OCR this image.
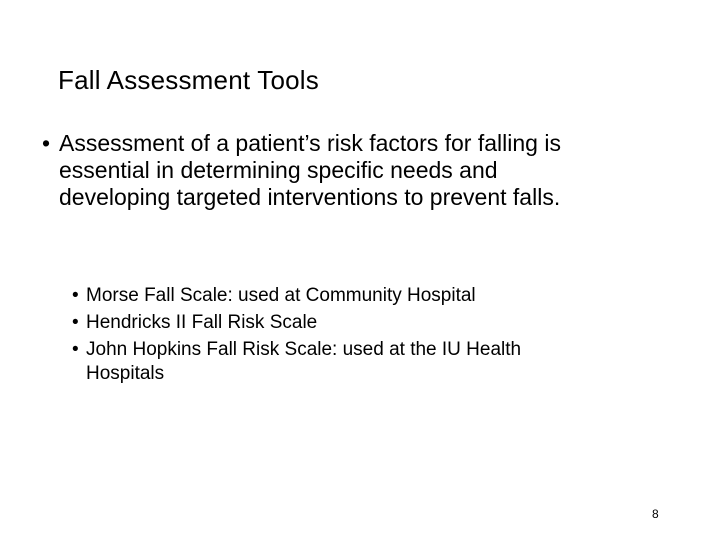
Fall Assessment Tools
• Assessment of a patient’s risk factors for falling is essential in determining specific needs and developing targeted interventions to prevent falls.
• Morse Fall Scale: used at Community Hospital
• Hendricks II Fall Risk Scale
• John Hopkins Fall Risk Scale: used at the IU Health Hospitals
8
